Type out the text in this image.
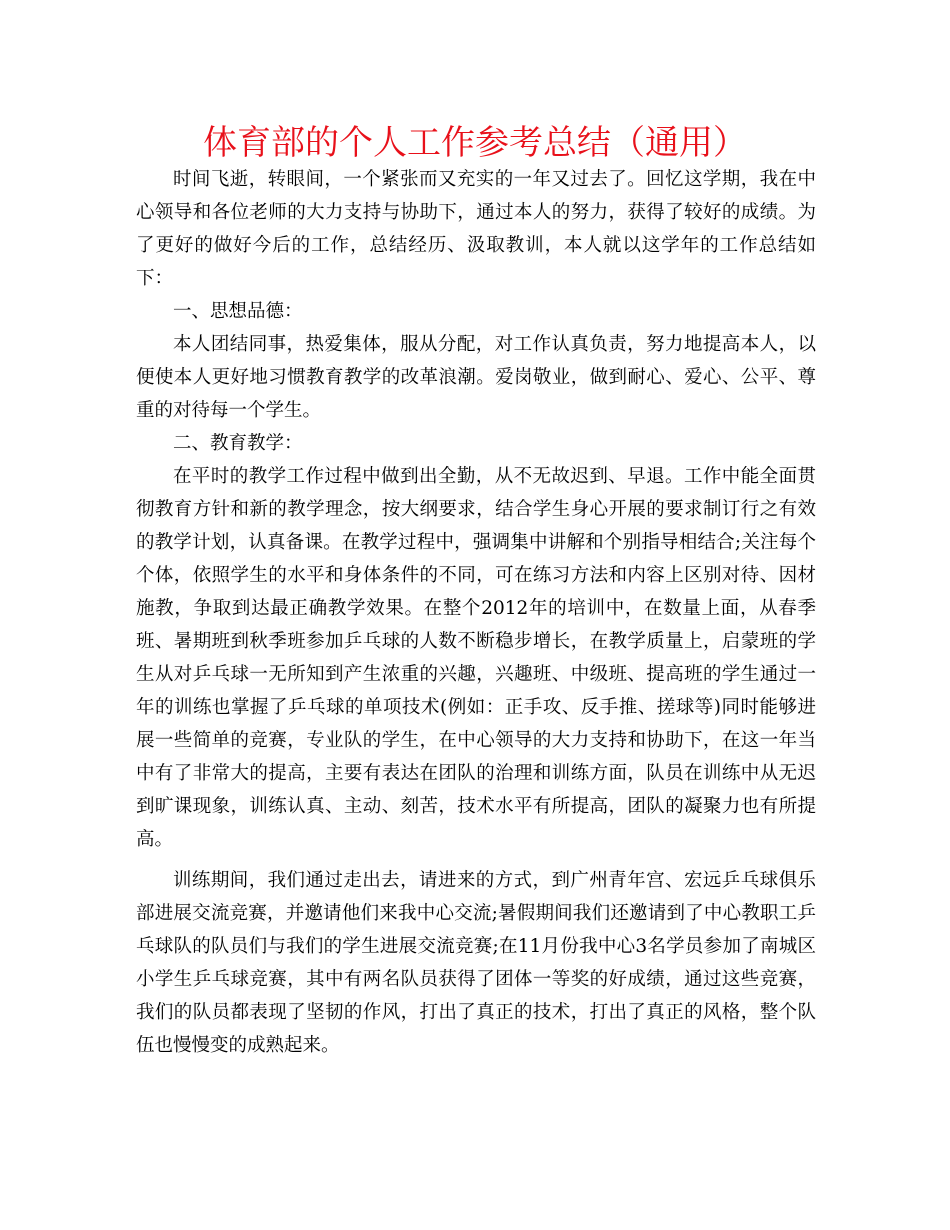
体育部的个人工作参考总结（通用）

时间飞逝，转眼间，一个紧张而又充实的一年又过去了。回忆这学期，我在中心领导和各位老师的大力支持与协助下，通过本人的努力，获得了较好的成绩。为了更好的做好今后的工作，总结经历、汲取教训，本人就以这学年的工作总结如下：

一、思想品德：

本人团结同事，热爱集体，服从分配，对工作认真负责，努力地提高本人，以便使本人更好地习惯教育教学的改革浪潮。爱岗敬业，做到耐心、爱心、公平、尊重的对待每一个学生。

二、教育教学：

在平时的教学工作过程中做到出全勤，从不无故迟到、早退。工作中能全面贯彻教育方针和新的教学理念，按大纲要求，结合学生身心开展的要求制订行之有效的教学计划，认真备课。在教学过程中，强调集中讲解和个别指导相结合;关注每个个体，依照学生的水平和身体条件的不同，可在练习方法和内容上区别对待、因材施教，争取到达最正确教学效果。在整个2012年的培训中，在数量上面，从春季班、暑期班到秋季班参加乒乓球的人数不断稳步增长，在教学质量上，启蒙班的学生从对乒乓球一无所知到产生浓重的兴趣，兴趣班、中级班、提高班的学生通过一年的训练也掌握了乒乓球的单项技术(例如：正手攻、反手推、搓球等)同时能够进展一些简单的竞赛，专业队的学生，在中心领导的大力支持和协助下，在这一年当中有了非常大的提高，主要有表达在团队的治理和训练方面，队员在训练中从无迟到旷课现象，训练认真、主动、刻苦，技术水平有所提高，团队的凝聚力也有所提高。

训练期间，我们通过走出去，请进来的方式，到广州青年宫、宏远乒乓球俱乐部进展交流竞赛，并邀请他们来我中心交流;暑假期间我们还邀请到了中心教职工乒乓球队的队员们与我们的学生进展交流竞赛;在11月份我中心3名学员参加了南城区小学生乒乓球竞赛，其中有两名队员获得了团体一等奖的好成绩，通过这些竞赛，我们的队员都表现了坚韧的作风，打出了真正的技术，打出了真正的风格，整个队伍也慢慢变的成熟起来。
